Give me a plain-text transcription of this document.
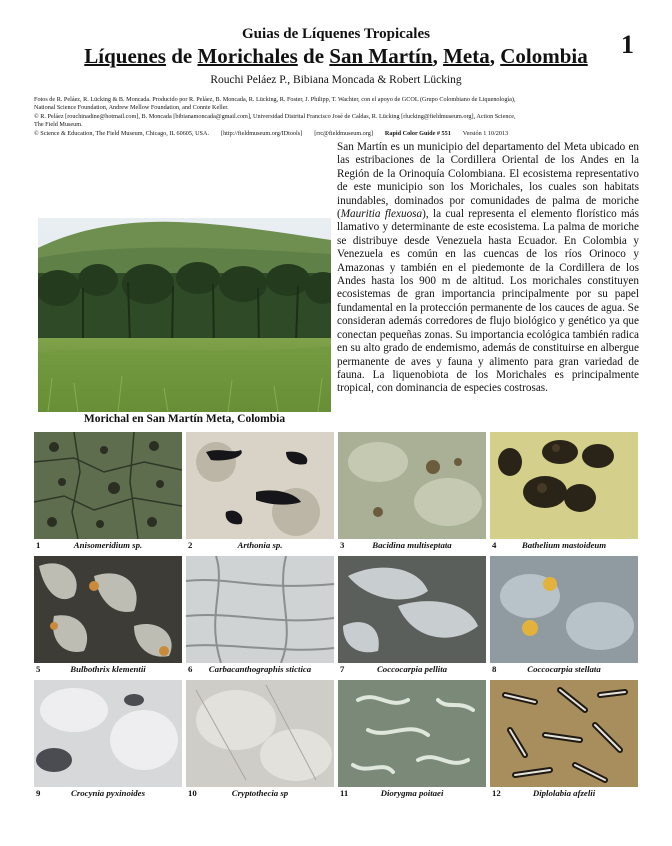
Guias de Líquenes Tropicales	1
Líquenes de Morichales de San Martín, Meta, Colombia
Rouchi Peláez P., Bibiana Moncada & Robert Lücking

Fotos de R. Peláez, R. Lücking & B. Moncada. Producido por R. Peláez, B. Moncada, R. Lücking, R. Foster, J. Philipp, T. Wachter, con el apoyo de GCOL (Grupo Colombiano de Liquenología),

National Science Foundation, Andrew Mellow Foundation, and Connie Keller.

© R. Peláez [rouchinadine@hotmail.com], B. Moncada [bibianamoncada@gmail.com], Universidad Distrital Francisco José de Caldas, R. Lücking [rlucking@fieldmuseum.org], Action Science,

The Field Museum.

© Science & Education, The Field Museum, Chicago, IL 60605, USA. [http://fieldmuseum.org/IDtools] [rrc@fieldmuseum.org] Rapid Color Guide # 551 Versión 1 10/2013

Morichal en San Martín Meta, Colombia
San Martín es un municipio del departamento del Meta ubicado en las estribaciones de la Cordillera Oriental de los Andes en la Región de la Orinoquía Colombiana. El ecosistema representativo de este municipio son los Morichales, los cuales son habitats inundables, dominados por comunidades de palma de moriche (Mauritia flexuosa), la cual representa el elemento florístico más llamativo y determinante de este ecosistema. La palma de moriche se distribuye desde Venezuela hasta Ecuador. En Colombia y Venezuela es común en las cuencas de los ríos Orinoco y Amazonas y también en el piedemonte de la Cordillera de los Andes hasta los 900 m de altitud. Los morichales constituyen ecosistemas de gran importancia principalmente por su papel fundamental en la protección permanente de los cauces de agua. Se consideran además corredores de flujo biológico y genético ya que conectan pequeñas zonas. Su importancia ecológica también radica en su alto grado de endemismo, además de constituirse en albergue permanente de aves y fauna y alimento para gran variedad de fauna. La liquenobiota de los Morichales es principalmente tropical, con dominancia de especies costrosas.
1	Anisomeridium sp.	2	Arthonia sp.	3	Bacidina multiseptata	4	Bathelium mastoideum
5	Bulbothrix klementii	6	Carbacanthographis stictica	7	Coccocarpia pellita	8	Coccocarpia stellata
9	Crocynia pyxinoides	10	Cryptothecia sp	11	Diorygma poitaei	12	Diplolabia afzelii
